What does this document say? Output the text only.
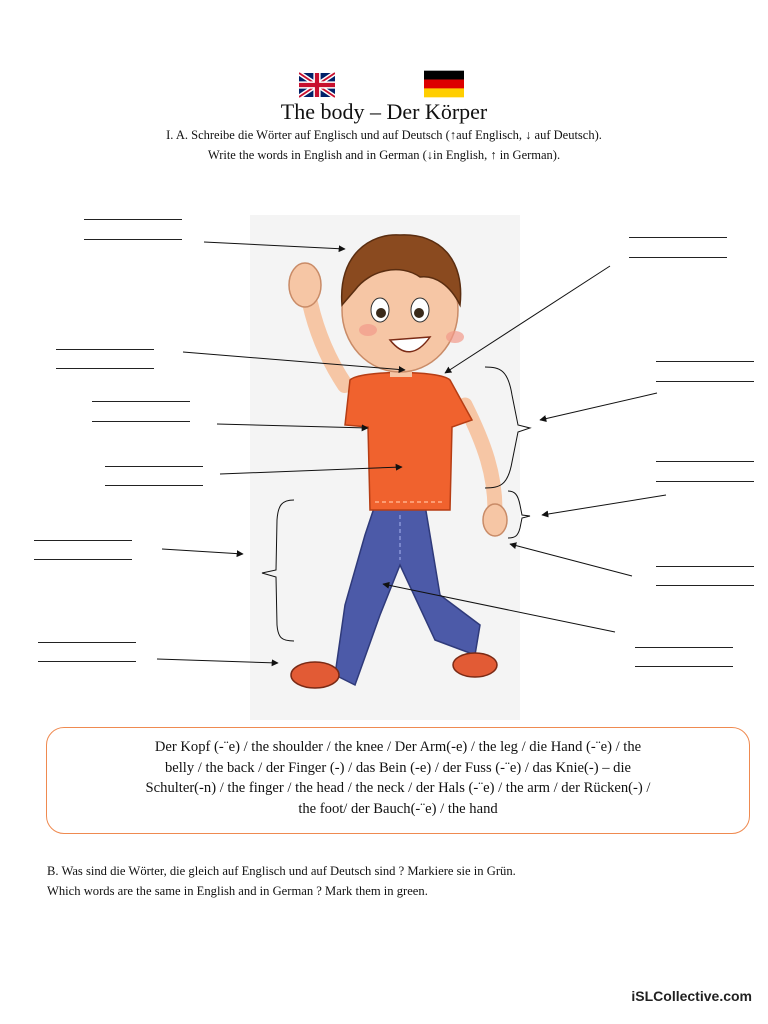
The body – Der Körper
I. A. Schreibe die Wörter auf Englisch und auf Deutsch (↑auf Englisch, ↓ auf Deutsch).
Write the words in English and in German (↓in English, ↑ in German).
Der Kopf (-¨e) / the shoulder / the knee / Der Arm(-e) / the leg / die Hand (-¨e) / the
belly / the back / der Finger (-) / das Bein (-e) / der Fuss (-¨e) / das Knie(-) – die
Schulter(-n) / the finger / the head / the neck / der Hals (-¨e) / the arm / der Rücken(-) /
the foot/ der Bauch(-¨e) / the hand
B. Was sind die Wörter, die gleich auf Englisch und auf Deutsch sind ? Markiere sie in Grün.
Which words are the same in English and in German ? Mark them in green.
iSLCollective.com
